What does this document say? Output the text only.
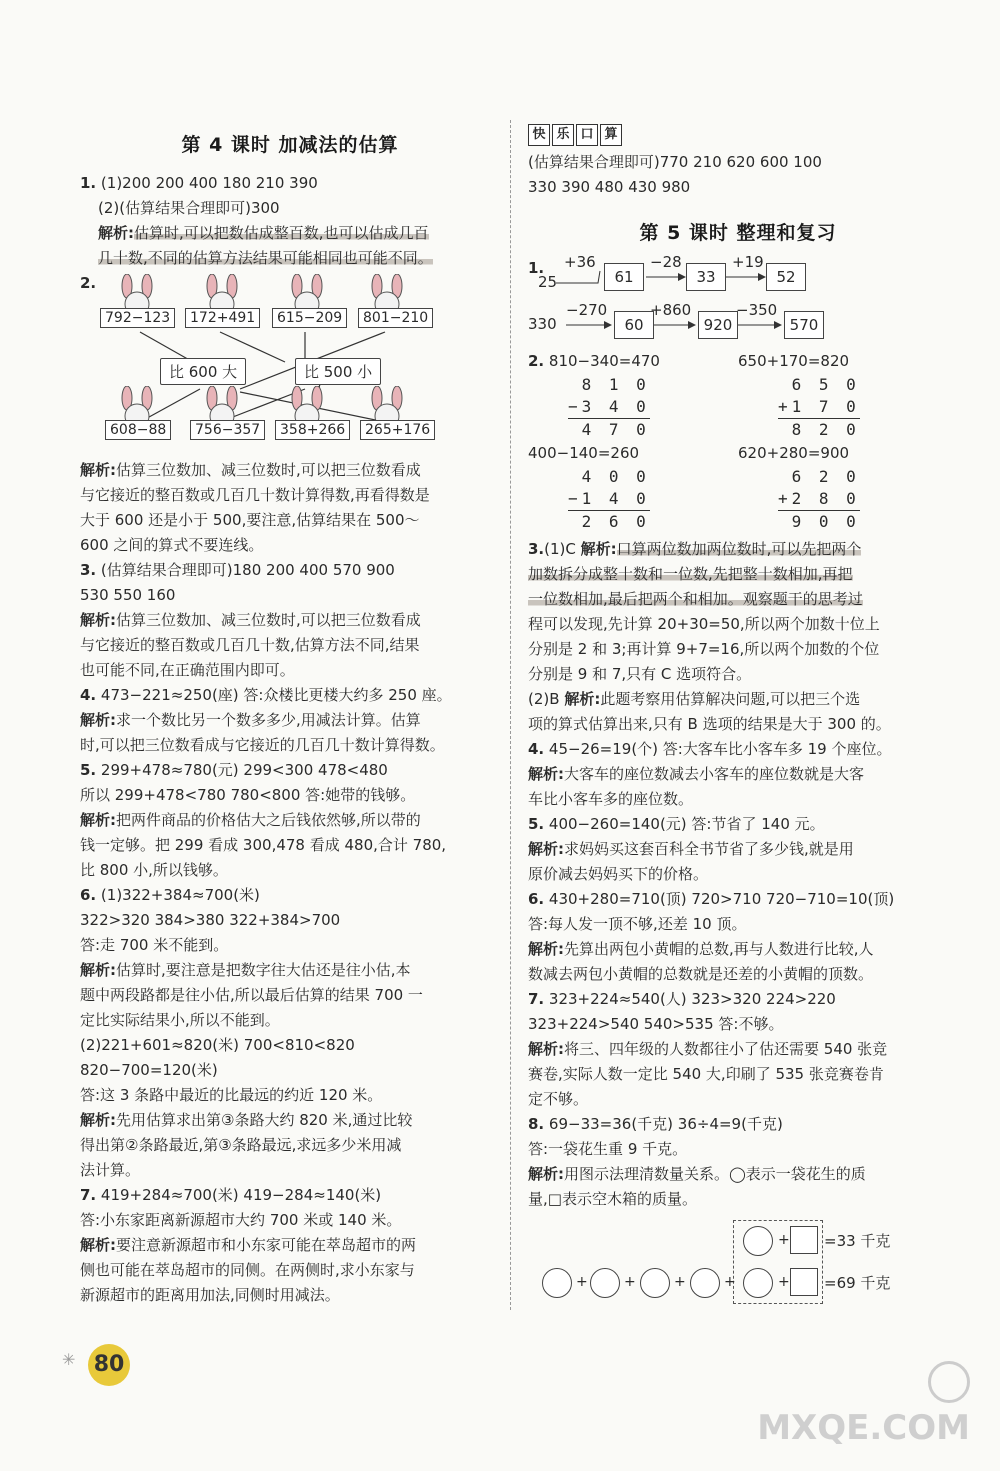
第 4 课时 加减法的估算
1. (1)200 200 400 180 210 390
(2)(估算结果合理即可)300
解析:估算时,可以把数估成整百数,也可以估成几百
几十数,不同的估算方法结果可能相同也可能不同。
2.
792−123	172+491	615−209	801−210
比 600 大	比 500 小
608−88	756−357	358+266	265+176
解析:估算三位数加、减三位数时,可以把三位数看成
与它接近的整百数或几百几十数计算得数,再看得数是
大于 600 还是小于 500,要注意,估算结果在 500～
600 之间的算式不要连线。
3. (估算结果合理即可)180 200 400 570 900
530 550 160
解析:估算三位数加、减三位数时,可以把三位数看成
与它接近的整百数或几百几十数,估算方法不同,结果
也可能不同,在正确范围内即可。
4. 473−221≈250(座) 答:众楼比更楼大约多 250 座。
解析:求一个数比另一个数多多少,用减法计算。估算
时,可以把三位数看成与它接近的几百几十数计算得数。
5. 299+478≈780(元) 299<300 478<480
所以 299+478<780 780<800 答:她带的钱够。
解析:把两件商品的价格估大之后钱依然够,所以带的
钱一定够。把 299 看成 300,478 看成 480,合计 780,
比 800 小,所以钱够。
6. (1)322+384≈700(米)
322>320 384>380 322+384>700
答:走 700 米不能到。
解析:估算时,要注意是把数字往大估还是往小估,本
题中两段路都是往小估,所以最后估算的结果 700 一
定比实际结果小,所以不能到。
(2)221+601≈820(米) 700<810<820
820−700=120(米)
答:这 3 条路中最近的比最远的约近 120 米。
解析:先用估算求出第③条路大约 820 米,通过比较
得出第②条路最近,第③条路最远,求远多少米用减
法计算。
7. 419+284≈700(米) 419−284≈140(米)
答:小东家距离新源超市大约 700 米或 140 米。
解析:要注意新源超市和小东家可能在萃岛超市的两
侧也可能在萃岛超市的同侧。在两侧时,求小东家与
新源超市的距离用加法,同侧时用减法。
快 乐 口 算
(估算结果合理即可)770 210 620 600 100
330 390 480 430 980
第 5 课时 整理和复习
1.
25
+36
61
−28
33
+19
52
330
−270
60
+860
920
−350
570
2. 810−340=470	650+170=820
8 1 0
−3 4 0
4 7 0
6 5 0
+1 7 0
8 2 0
400−140=260	620+280=900
4 0 0
−1 4 0
2 6 0
6 2 0
+2 8 0
9 0 0
3.(1)C 解析:口算两位数加两位数时,可以先把两个
加数拆分成整十数和一位数,先把整十数相加,再把
一位数相加,最后把两个和相加。观察题干的思考过
程可以发现,先计算 20+30=50,所以两个加数十位上
分别是 2 和 3;再计算 9+7=16,所以两个加数的个位
分别是 9 和 7,只有 C 选项符合。
(2)B 解析:此题考察用估算解决问题,可以把三个选
项的算式估算出来,只有 B 选项的结果是大于 300 的。
4. 45−26=19(个) 答:大客车比小客车多 19 个座位。
解析:大客车的座位数减去小客车的座位数就是大客
车比小客车多的座位数。
5. 400−260=140(元) 答:节省了 140 元。
解析:求妈妈买这套百科全书节省了多少钱,就是用
原价减去妈妈买下的价格。
6. 430+280=710(顶) 720>710 720−710=10(顶)
答:每人发一顶不够,还差 10 顶。
解析:先算出两包小黄帽的总数,再与人数进行比较,人
数减去两包小黄帽的总数就是还差的小黄帽的顶数。
7. 323+224≈540(人) 323>320 224>220
323+224>540 540>535 答:不够。
解析:将三、四年级的人数都往小了估还需要 540 张竞
赛卷,实际人数一定比 540 大,印刷了 535 张竞赛卷肯
定不够。
8. 69−33=36(千克) 36÷4=9(千克)
答:一袋花生重 9 千克。
解析:用图示法理清数量关系。◯表示一袋花生的质
量,□表示空木箱的质量。
+ =33 千克
+	+	+	+	+ =69 千克
✳ 80

MXQE.COM
